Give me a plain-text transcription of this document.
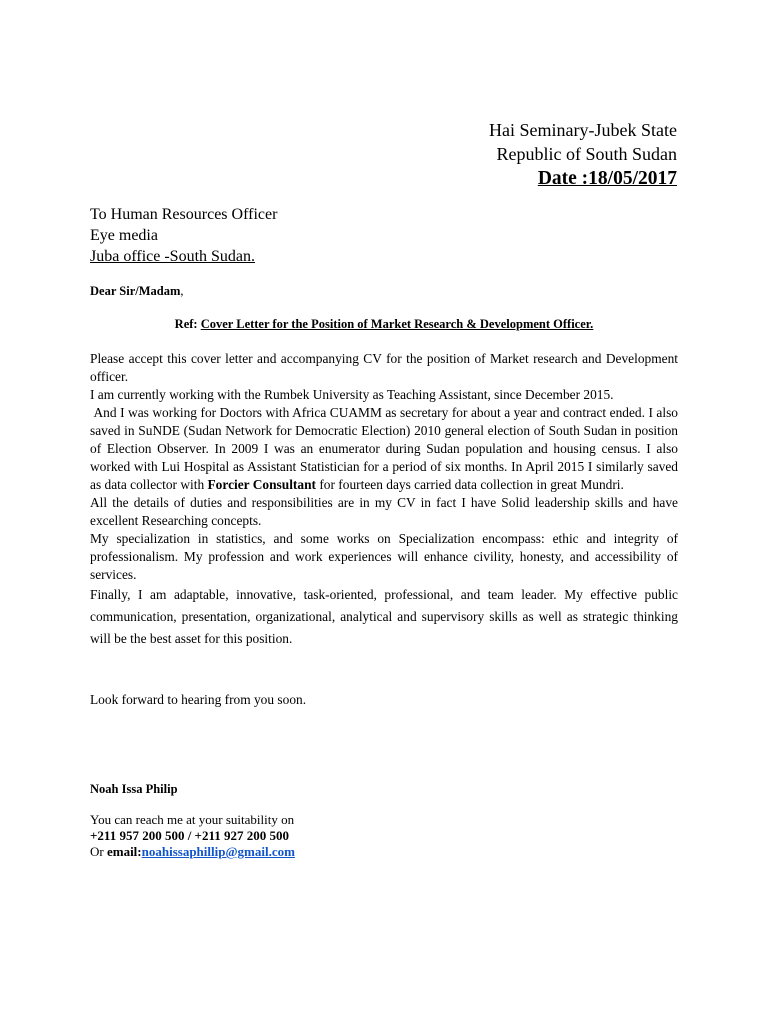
Hai Seminary-Jubek State
Republic of South Sudan
Date :18/05/2017
To Human Resources Officer
Eye media
Juba office -South Sudan.
Dear Sir/Madam,
Ref: Cover Letter for the Position of Market Research & Development Officer.

Please accept this cover letter and accompanying CV for the position of Market research and Development officer.

I am currently working with the Rumbek University as Teaching Assistant, since December 2015.

And I was working for Doctors with Africa CUAMM as secretary for about a year and contract ended. I also saved in SuNDE (Sudan Network for Democratic Election) 2010 general election of South Sudan in position of Election Observer. In 2009 I was an enumerator during Sudan population and housing census. I also worked with Lui Hospital as Assistant Statistician for a period of six months. In April 2015 I similarly saved as data collector with Forcier Consultant for fourteen days carried data collection in great Mundri.

All the details of duties and responsibilities are in my CV in fact I have Solid leadership skills and have excellent Researching concepts.

My specialization in statistics, and some works on Specialization encompass: ethic and integrity of professionalism. My profession and work experiences will enhance civility, honesty, and accessibility of services.

Finally, I am adaptable, innovative, task-oriented, professional, and team leader. My effective public communication, presentation, organizational, analytical and supervisory skills as well as strategic thinking will be the best asset for this position.

Look forward to hearing from you soon.
Noah Issa Philip
You can reach me at your suitability on
+211 957 200 500 / +211 927 200 500
Or email:noahissaphillip@gmail.com
